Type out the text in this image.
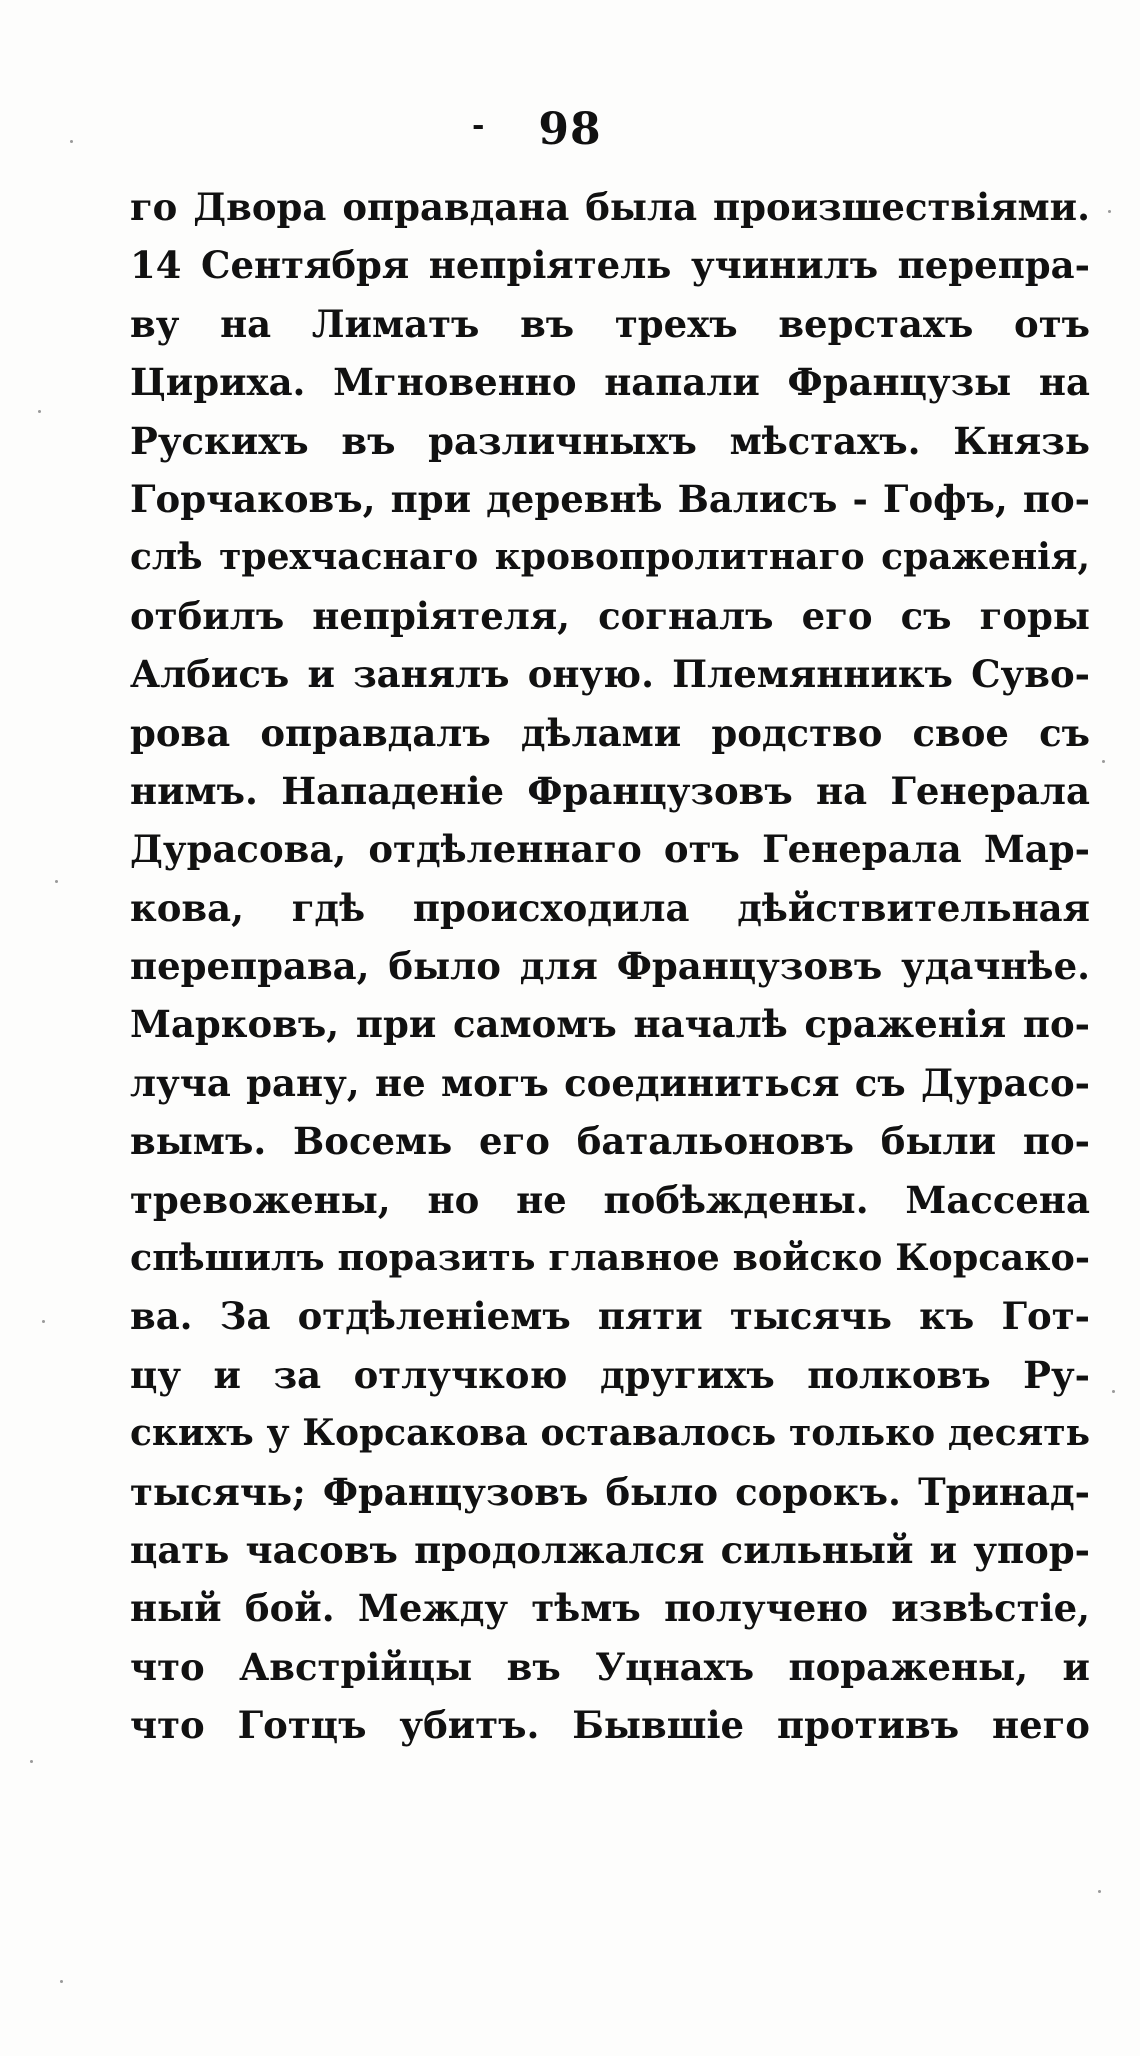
-	98
го Двора оправдана была произшествіями.
14 Сентября непріятель учинилъ перепра-
ву на Лиматъ въ трехъ верстахъ отъ
Цириха. Мгновенно напали Французы на
Рускихъ въ различныхъ мѣстахъ. Князь
Горчаковъ, при деревнѣ Валисъ - Гофъ, по-
слѣ трехчаснаго кровопролитнаго сраженія,
отбилъ непріятеля, согналъ его съ горы
Албисъ и занялъ оную. Племянникъ Суво-
рова оправдалъ дѣлами родство свое съ
нимъ. Нападеніе Французовъ на Генерала
Дурасова, отдѣленнаго отъ Генерала Мар-
кова, гдѣ происходила дѣйствительная
переправа, было для Французовъ удачнѣе.
Марковъ, при самомъ началѣ сраженія по-
луча рану, не могъ соединиться съ Дурасо-
вымъ. Восемь его батальоновъ были по-
тревожены, но не побѣждены. Массена
спѣшилъ поразить главное войско Корсако-
ва. За отдѣленіемъ пяти тысячь къ Гот-
цу и за отлучкою другихъ полковъ Ру-
скихъ у Корсакова оставалось только десять
тысячь; Французовъ было сорокъ. Тринад-
цать часовъ продолжался сильный и упор-
ный бой. Между тѣмъ получено извѣстіе,
что Австрійцы въ Уцнахъ поражены, и
что Готцъ убитъ. Бывшіе противъ него
